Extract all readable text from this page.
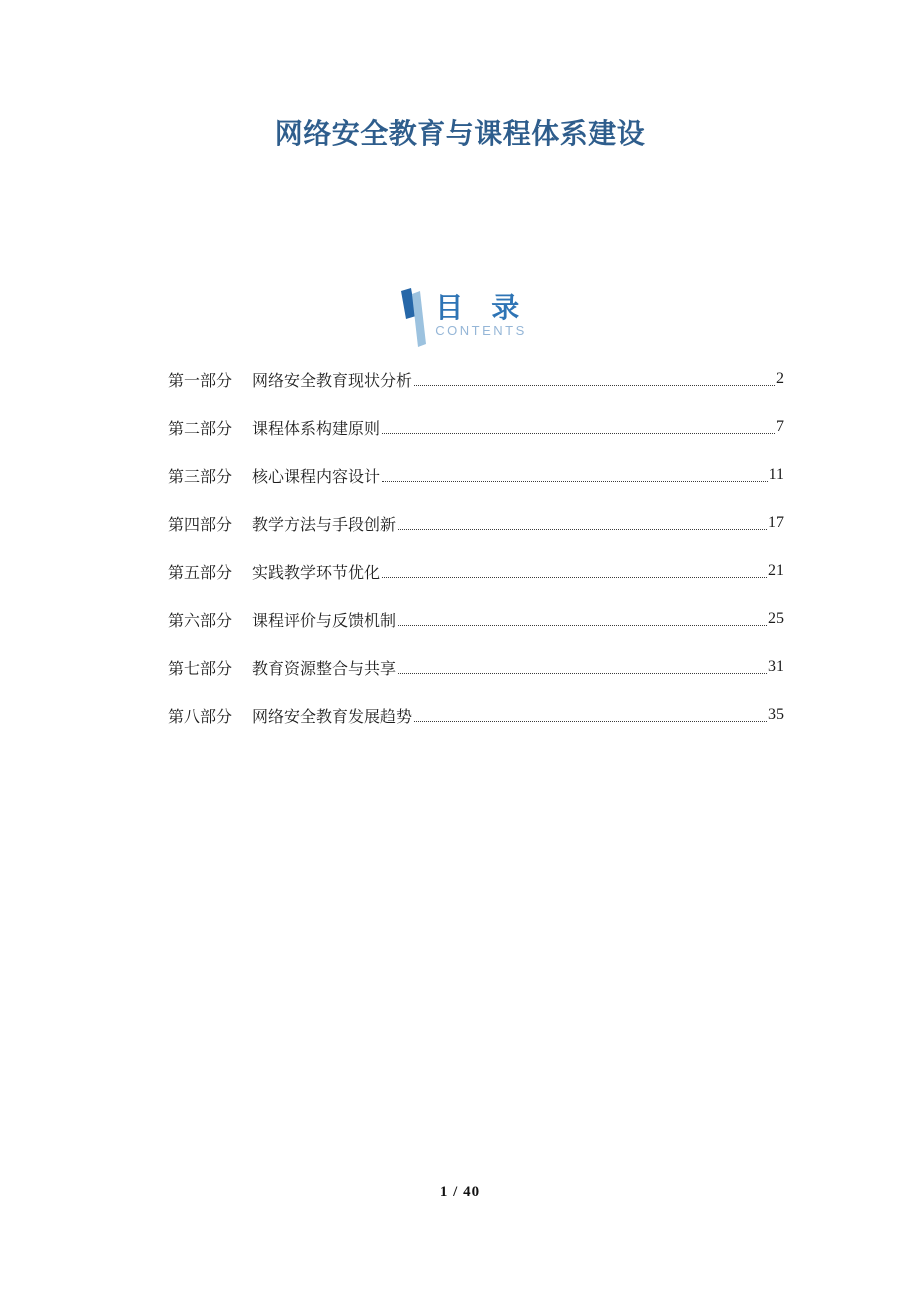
网络安全教育与课程体系建设
目　录
CONTENTS
第一部分 网络安全教育现状分析	2
第二部分 课程体系构建原则	7
第三部分 核心课程内容设计	11
第四部分 教学方法与手段创新	17
第五部分 实践教学环节优化	21
第六部分 课程评价与反馈机制	25
第七部分 教育资源整合与共享	31
第八部分 网络安全教育发展趋势	35
1 / 40
